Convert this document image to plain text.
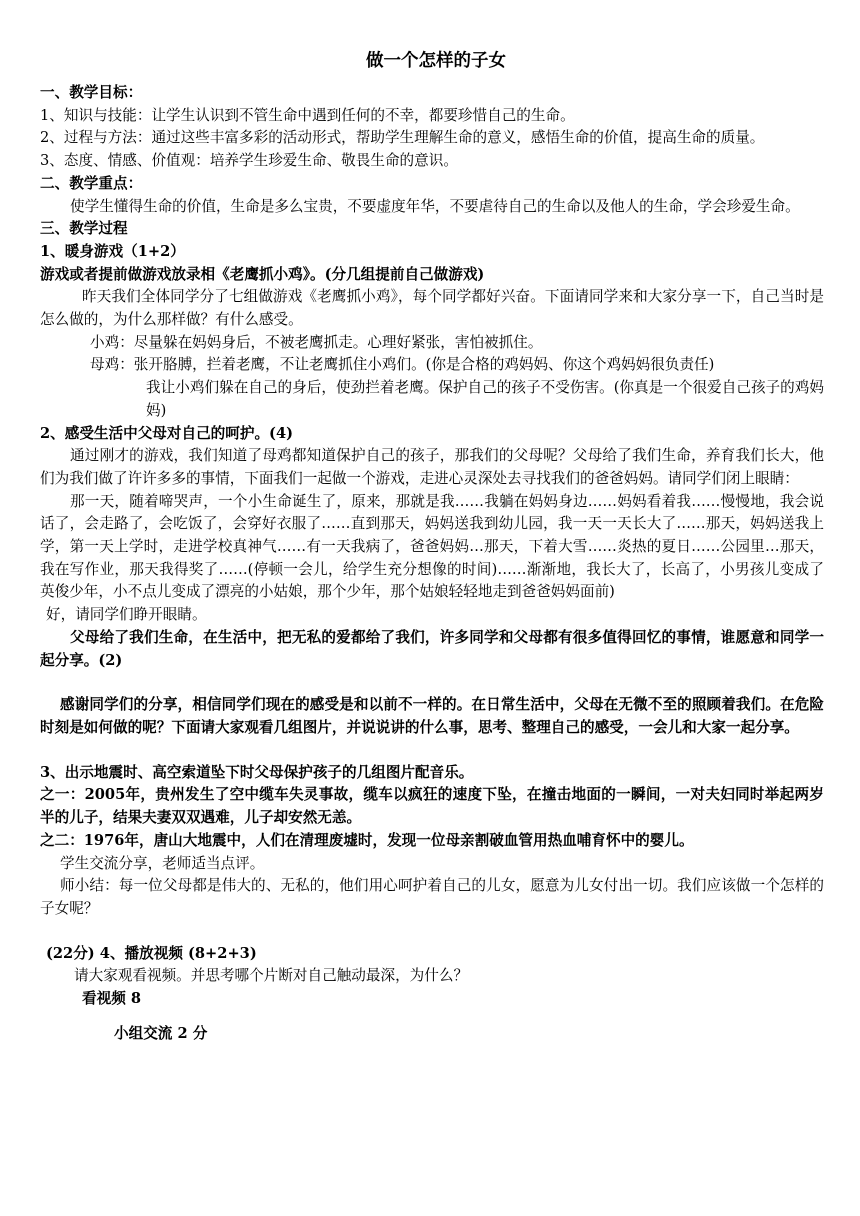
做一个怎样的子女

一、教学目标：

1、知识与技能：让学生认识到不管生命中遇到任何的不幸，都要珍惜自己的生命。

2、过程与方法：通过这些丰富多彩的活动形式，帮助学生理解生命的意义，感悟生命的价值，提高生命的质量。

3、态度、情感、价值观：培养学生珍爱生命、敬畏生命的意识。

二、教学重点：

使学生懂得生命的价值，生命是多么宝贵，不要虚度年华，不要虐待自己的生命以及他人的生命，学会珍爱生命。

三、教学过程

1、暖身游戏（1+2）

游戏或者提前做游戏放录相《老鹰抓小鸡》。(分几组提前自己做游戏)

昨天我们全体同学分了七组做游戏《老鹰抓小鸡》，每个同学都好兴奋。下面请同学来和大家分享一下，自己当时是怎么做的，为什么那样做？有什么感受。

小鸡：尽量躲在妈妈身后，不被老鹰抓走。心理好紧张，害怕被抓住。

母鸡：张开胳膊，拦着老鹰，不让老鹰抓住小鸡们。(你是合格的鸡妈妈、你这个鸡妈妈很负责任)

我让小鸡们躲在自己的身后，使劲拦着老鹰。保护自己的孩子不受伤害。(你真是一个很爱自己孩子的鸡妈妈)

2、感受生活中父母对自己的呵护。(4)

通过刚才的游戏，我们知道了母鸡都知道保护自己的孩子，那我们的父母呢？父母给了我们生命，养育我们长大，他们为我们做了许许多多的事情，下面我们一起做一个游戏，走进心灵深处去寻找我们的爸爸妈妈。请同学们闭上眼睛：

那一天，随着啼哭声，一个小生命诞生了，原来，那就是我……我躺在妈妈身边……妈妈看着我……慢慢地，我会说话了，会走路了，会吃饭了，会穿好衣服了……直到那天，妈妈送我到幼儿园，我一天一天长大了……那天，妈妈送我上学，第一天上学时，走进学校真神气……有一天我病了，爸爸妈妈…那天，下着大雪……炎热的夏日……公园里…那天，我在写作业，那天我得奖了……(停顿一会儿，给学生充分想像的时间)……渐渐地，我长大了，长高了，小男孩儿变成了英俊少年，小不点儿变成了漂亮的小姑娘，那个少年，那个姑娘轻轻地走到爸爸妈妈面前)

好，请同学们睁开眼睛。

父母给了我们生命，在生活中，把无私的爱都给了我们，许多同学和父母都有很多值得回忆的事情，谁愿意和同学一起分享。(2)

感谢同学们的分享，相信同学们现在的感受是和以前不一样的。在日常生活中，父母在无微不至的照顾着我们。在危险时刻是如何做的呢？下面请大家观看几组图片，并说说讲的什么事，思考、整理自己的感受，一会儿和大家一起分享。

3、出示地震时、高空索道坠下时父母保护孩子的几组图片配音乐。

之一：2005年，贵州发生了空中缆车失灵事故，缆车以疯狂的速度下坠，在撞击地面的一瞬间，一对夫妇同时举起两岁半的儿子，结果夫妻双双遇难，儿子却安然无恙。

之二：1976年，唐山大地震中，人们在清理废墟时，发现一位母亲割破血管用热血哺育怀中的婴儿。

学生交流分享，老师适当点评。

师小结：每一位父母都是伟大的、无私的，他们用心呵护着自己的儿女，愿意为儿女付出一切。我们应该做一个怎样的子女呢？

(22分) 4、播放视频 (8+2+3)

请大家观看视频。并思考哪个片断对自己触动最深，为什么？

看视频 8

小组交流 2 分
